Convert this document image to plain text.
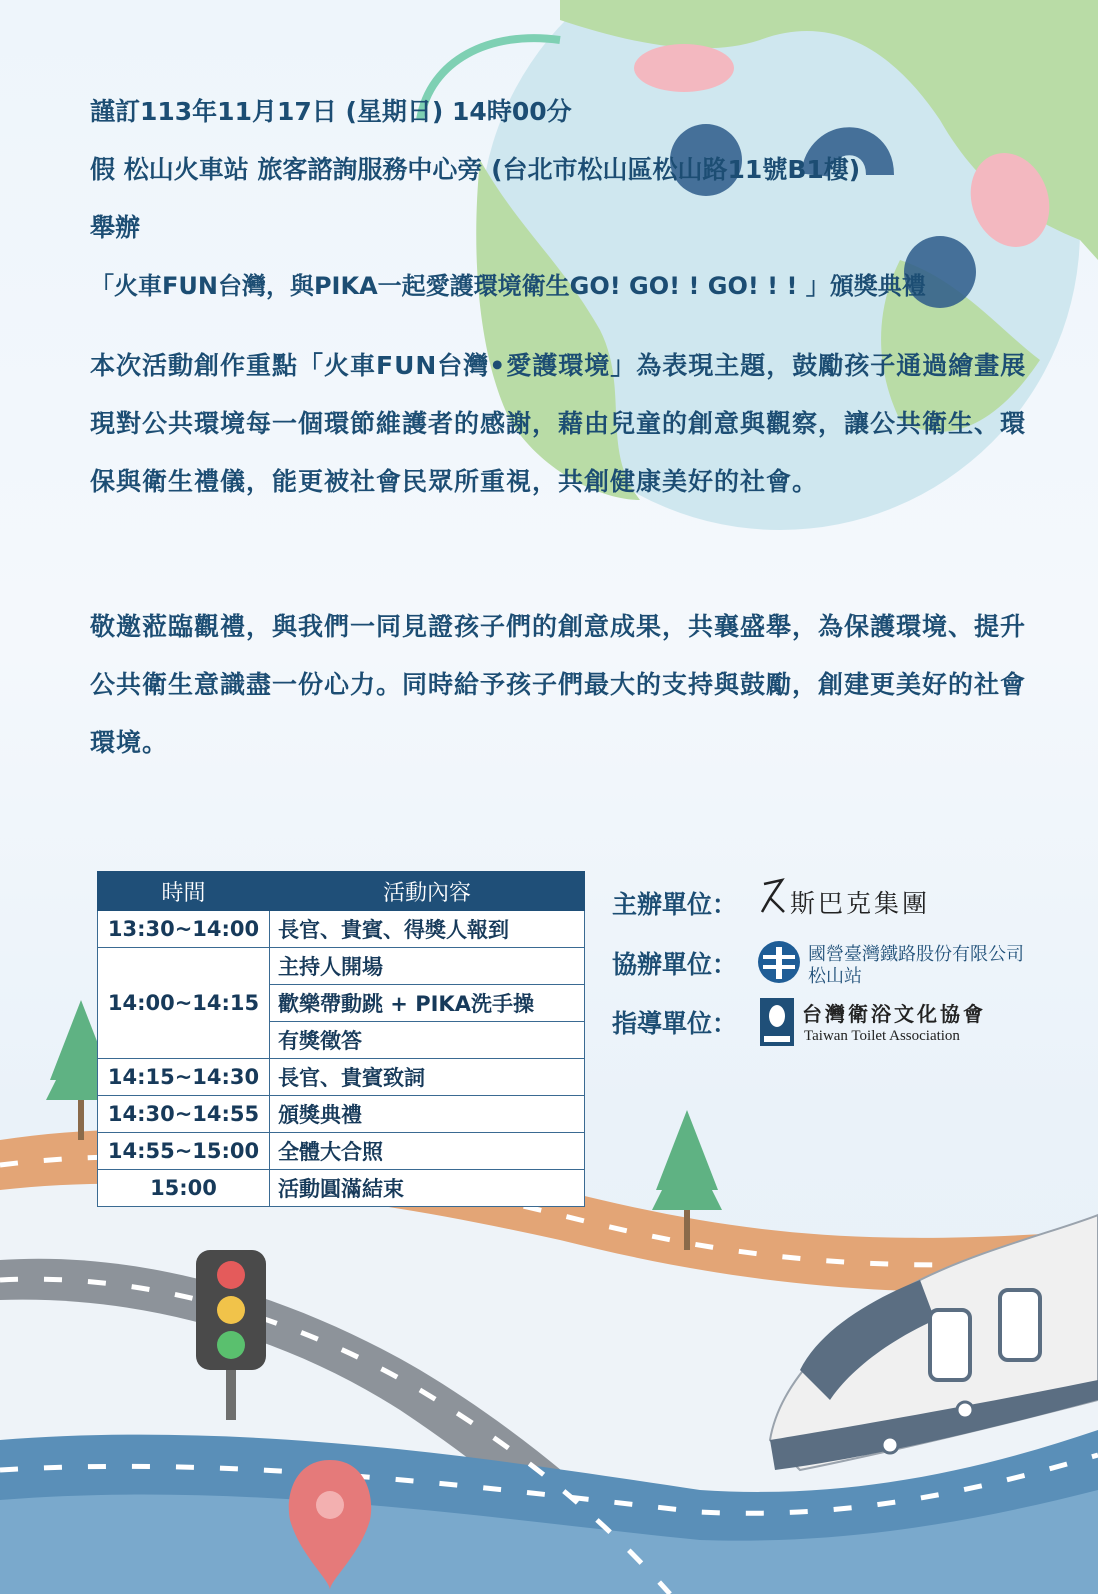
謹訂113年11月17日 (星期日) 14時00分
假 松山火車站 旅客諮詢服務中心旁 (台北市松山區松山路11號B1樓)
舉辦
「火車FUN台灣，與PIKA一起愛護環境衛生GO! GO! ! GO! ! ! 」頒獎典禮
本次活動創作重點「火車FUN台灣•愛護環境」為表現主題，鼓勵孩子通過繪畫展現對公共環境每一個環節維護者的感謝，藉由兒童的創意與觀察，讓公共衛生、環保與衛生禮儀，能更被社會民眾所重視，共創健康美好的社會。
敬邀蒞臨觀禮，與我們一同見證孩子們的創意成果，共襄盛舉，為保護環境、提升公共衛生意識盡一份心力。同時給予孩子們最大的支持與鼓勵，創建更美好的社會環境。
時間	活動內容
13:30~14:00	長官、貴賓、得獎人報到
14:00~14:15	主持人開場
	歡樂帶動跳 + PIKA洗手操
	有獎徵答
14:15~14:30	長官、貴賓致詞
14:30~14:55	頒獎典禮
14:55~15:00	全體大合照
15:00	活動圓滿結束
主辦單位： 斯巴克集團
協辦單位：	國營臺灣鐵路股份有限公司
松山站
指導單位：	台灣衛浴文化協會
Taiwan Toilet Association
